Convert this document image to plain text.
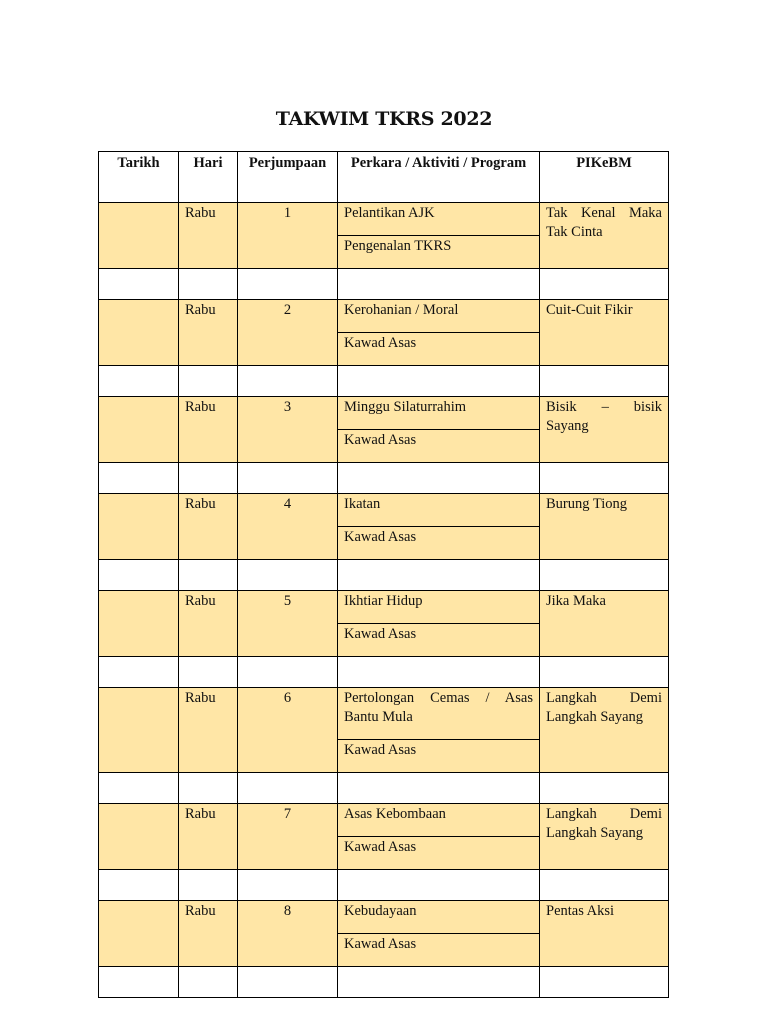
TAKWIM TKRS 2022
Tarikh	Hari	Perjumpaan	Perkara / Aktiviti / Program	PIKeBM
	Rabu	1	Pelantikan AJK	Tak Kenal Maka Tak Cinta
			Pengenalan TKRS	

	Rabu	2	Kerohanian / Moral	Cuit-Cuit Fikir
			Kawad Asas	

	Rabu	3	Minggu Silaturrahim	Bisik – bisik Sayang
			Kawad Asas	

	Rabu	4	Ikatan	Burung Tiong
			Kawad Asas	

	Rabu	5	Ikhtiar Hidup	Jika Maka
			Kawad Asas	

	Rabu	6	Pertolongan Cemas / Asas Bantu Mula	Langkah Demi Langkah Sayang
			Kawad Asas	

	Rabu	7	Asas Kebombaan	Langkah Demi Langkah Sayang
			Kawad Asas	

	Rabu	8	Kebudayaan	Pentas Aksi
			Kawad Asas	
